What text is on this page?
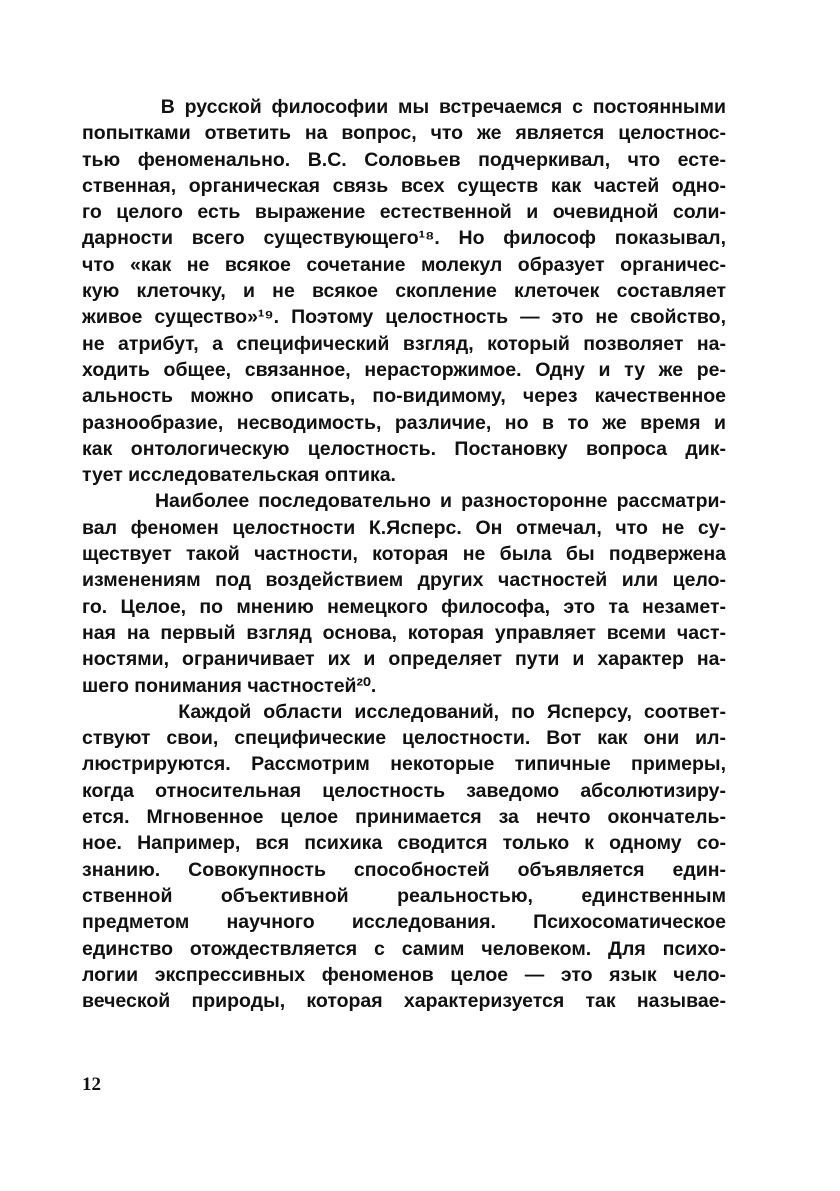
В русской философии мы встречаемся с постоянными
попытками ответить на вопрос, что же является целостнос-
тью феноменально. В.С. Соловьев подчеркивал, что есте-
ственная, органическая связь всех существ как частей одно-
го целого есть выражение естественной и очевидной соли-
дарности всего существующего¹⁸. Но философ показывал,
что «как не всякое сочетание молекул образует органичес-
кую клеточку, и не всякое скопление клеточек составляет
живое существо»¹⁹. Поэтому целостность — это не свойство,
не атрибут, а специфический взгляд, который позволяет на-
ходить общее, связанное, нерасторжимое. Одну и ту же ре-
альность можно описать, по-видимому, через качественное
разнообразие, несводимость, различие, но в то же время и
как онтологическую целостность. Постановку вопроса дик-
тует исследовательская оптика.
Наиболее последовательно и разносторонне рассматри-
вал феномен целостности К.Ясперс. Он отмечал, что не су-
ществует такой частности, которая не была бы подвержена
изменениям под воздействием других частностей или цело-
го. Целое, по мнению немецкого философа, это та незамет-
ная на первый взгляд основа, которая управляет всеми част-
ностями, ограничивает их и определяет пути и характер на-
шего понимания частностей²⁰.
Каждой области исследований, по Ясперсу, соответ-
ствуют свои, специфические целостности. Вот как они ил-
люстрируются. Рассмотрим некоторые типичные примеры,
когда относительная целостность заведомо абсолютизиру-
ется. Мгновенное целое принимается за нечто окончатель-
ное. Например, вся психика сводится только к одному со-
знанию. Совокупность способностей объявляется един-
ственной объективной реальностью, единственным
предметом научного исследования. Психосоматическое
единство отождествляется с самим человеком. Для психо-
логии экспрессивных феноменов целое — это язык чело-
веческой природы, которая характеризуется так называе-
12
